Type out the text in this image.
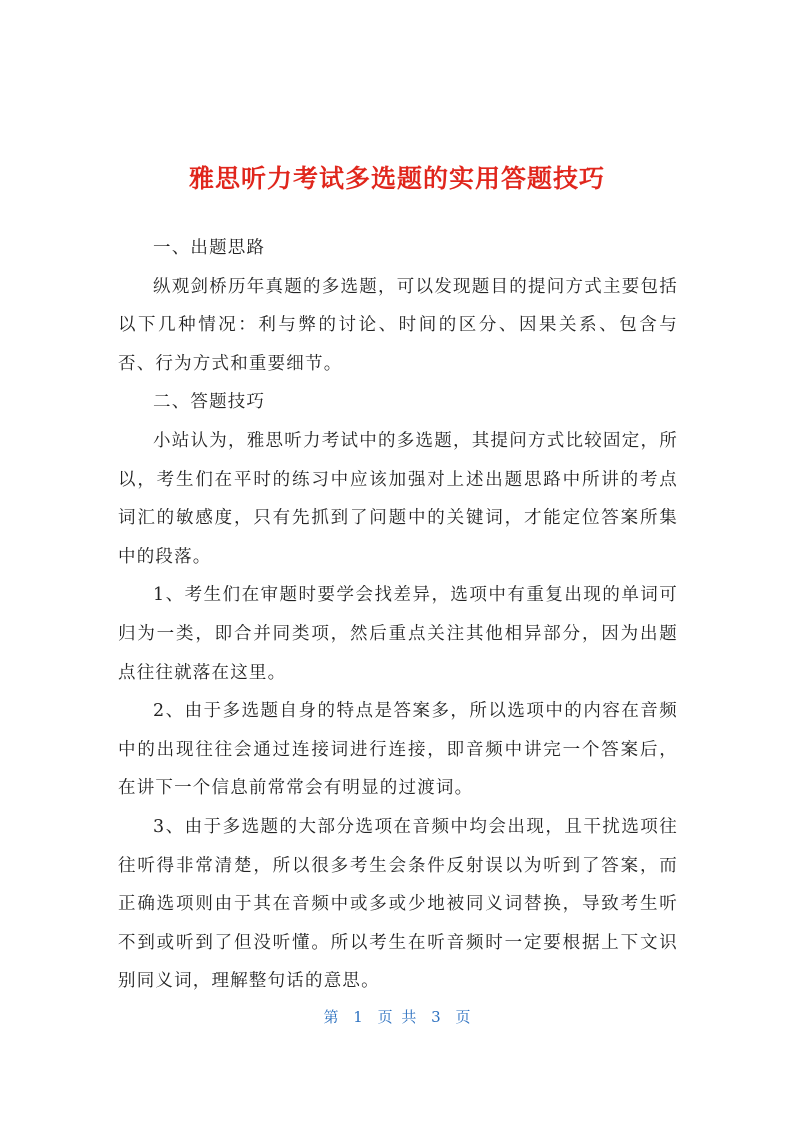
雅思听力考试多选题的实用答题技巧

一、出题思路

纵观剑桥历年真题的多选题，可以发现题目的提问方式主要包括以下几种情况：利与弊的讨论、时间的区分、因果关系、包含与否、行为方式和重要细节。

二、答题技巧

小站认为，雅思听力考试中的多选题，其提问方式比较固定，所以，考生们在平时的练习中应该加强对上述出题思路中所讲的考点词汇的敏感度，只有先抓到了问题中的关键词，才能定位答案所集中的段落。

1、考生们在审题时要学会找差异，选项中有重复出现的单词可归为一类，即合并同类项，然后重点关注其他相异部分，因为出题点往往就落在这里。

2、由于多选题自身的特点是答案多，所以选项中的内容在音频中的出现往往会通过连接词进行连接，即音频中讲完一个答案后，在讲下一个信息前常常会有明显的过渡词。

3、由于多选题的大部分选项在音频中均会出现，且干扰选项往往听得非常清楚，所以很多考生会条件反射误以为听到了答案，而正确选项则由于其在音频中或多或少地被同义词替换，导致考生听不到或听到了但没听懂。所以考生在听音频时一定要根据上下文识别同义词，理解整句话的意思。

第 1 页 共 3 页
